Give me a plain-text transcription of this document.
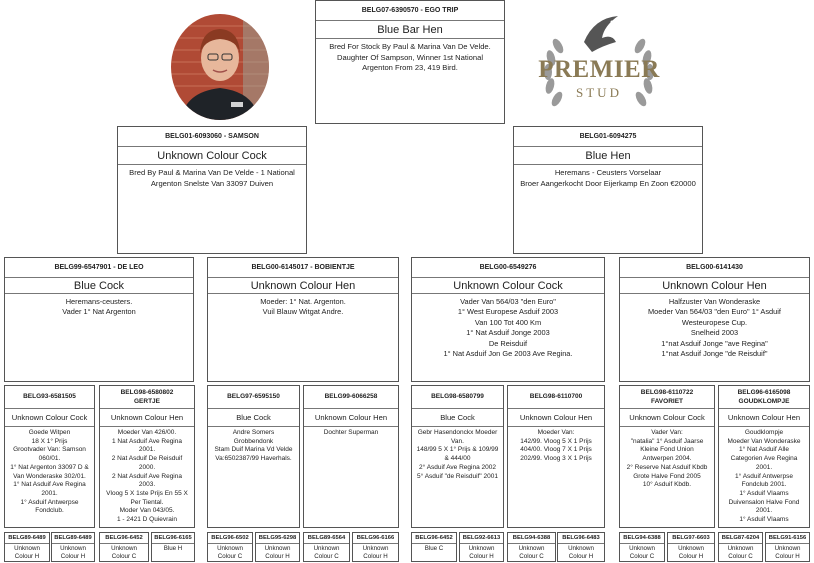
PREMIER
STUD
BELG07-6390570 - EGO TRIP
Blue Bar Hen
Bred For Stock By Paul & Marina Van De Velde.
Daughter Of Sampson, Winner 1st National
Argenton From 23, 419 Bird.
BELG01-6093060 - SAMSON
Unknown Colour Cock
Bred By Paul & Marina Van De Velde - 1 National
Argenton Snelste Van 33097 Duiven
BELG01-6094275
Blue Hen
Heremans - Ceusters Vorselaar
Broer Aangerkocht Door Eijerkamp En Zoon €20000
BELG99-6547901 - DE LEO
Blue Cock
Heremans-ceusters.
Vader 1° Nat Argenton
BELG00-6145017 - BOBIENTJE
Unknown Colour Hen
Moeder: 1° Nat. Argenton.
Vuil Blauw Witgat Andre.
BELG00-6549276
Unknown Colour Cock
Vader Van 564/03 "den Euro"
1° West Europese Asduif 2003
Van 100 Tot 400 Km
1° Nat Asduif Jonge 2003
De Reisduif
1° Nat Asduif Jon Ge 2003 Ave Regina.
BELG00-6141430
Unknown Colour Hen
Halfzuster Van Wonderaske
Moeder Van 564/03 "den Euro" 1° Asduif
Westeuropese Cup.
Snelheid 2003
1°nat Asduif Jonge "ave Regina"
1°nat Asduif Jonge "de Reisduif"
BELG93-6581505
Unknown Colour Cock
Goede Witpen
18 X 1° Prijs
Grootvader Van: Samson
060/01.
1° Nat Argenton 33097 D &
Van Wonderaske 302/01.
1° Nat Asduif Ave Regina
2001.
1° Asduif Antwerpse
Fondclub.
BELG98-6580802
GERTJE
Unknown Colour Hen
Moeder Van 426/00.
1 Nat Asduif Ave Regina
2001.
2 Nat Asduif De Reisduif
2000.
2 Nat Asduif Ave Regina
2003.
Vloog 5 X 1ste Prijs En 55 X
Per Tiental.
Moder Van 043/05.
1 - 2421 D Quievrain
BELG97-6595150
Blue Cock
Andre Somers
Grobbendonk
Stam Duif Marina Vd Velde
Va:6502387/99 Haverhals.
BELG99-6066258
Unknown Colour Hen
Dochter Superman
BELG98-6580799
Blue Cock
Gebr Hasendonckx Moeder
Van.
148/99 5 X 1° Prijs & 109/99
& 444/00
2° Asduif Ave Regina 2002
5° Asduif "de Reisduif" 2001
BELG98-6110700
Unknown Colour Hen
Moeder Van:
142/99. Vloog 5 X 1 Prijs
404/00. Vloog 7 X 1 Prijs
202/99. Vloog 3 X 1 Prijs
BELG98-6110722
FAVORIET
Unknown Colour Cock
Vader Van:
"natalia" 1° Asduif Jaarse
Kleine Fond Union
Antwerpen 2004.
2° Reserve Nat Asduif Kbdb
Grote Halve Fond 2005
10° Asduif Kbdb.
BELG96-6165098
GOUDKLOMPJE
Unknown Colour Hen
Goudklompje
Moeder Van Wonderaske
1° Nat Asduif Alle
Categorien Ave Regina
2001.
1° Asduif Antwerpse
Fondclub 2001.
1° Asduif Vlaams
Duivensalon Halve Fond
2001.
1° Asduif Vlaams
BELG89-6489
Unknown
Colour H
BELG89-6489
Unknown
Colour H
BELG96-6452
Unknown
Colour C
BELG96-6165
Blue H
BELG96-6502
Unknown
Colour C
BELG95-6298
Unknown
Colour H
BELG89-6564
Unknown
Colour C
BELG96-6166
Unknown
Colour H
BELG96-6452
Blue C
BELG92-6613
Unknown
Colour H
BELG94-6388
Unknown
Colour C
BELG96-6483
Unknown
Colour H
BELG94-6388
Unknown
Colour C
BELG97-6603
Unknown
Colour H
BELG87-6204
Unknown
Colour C
BELG91-6156
Unknown
Colour H
